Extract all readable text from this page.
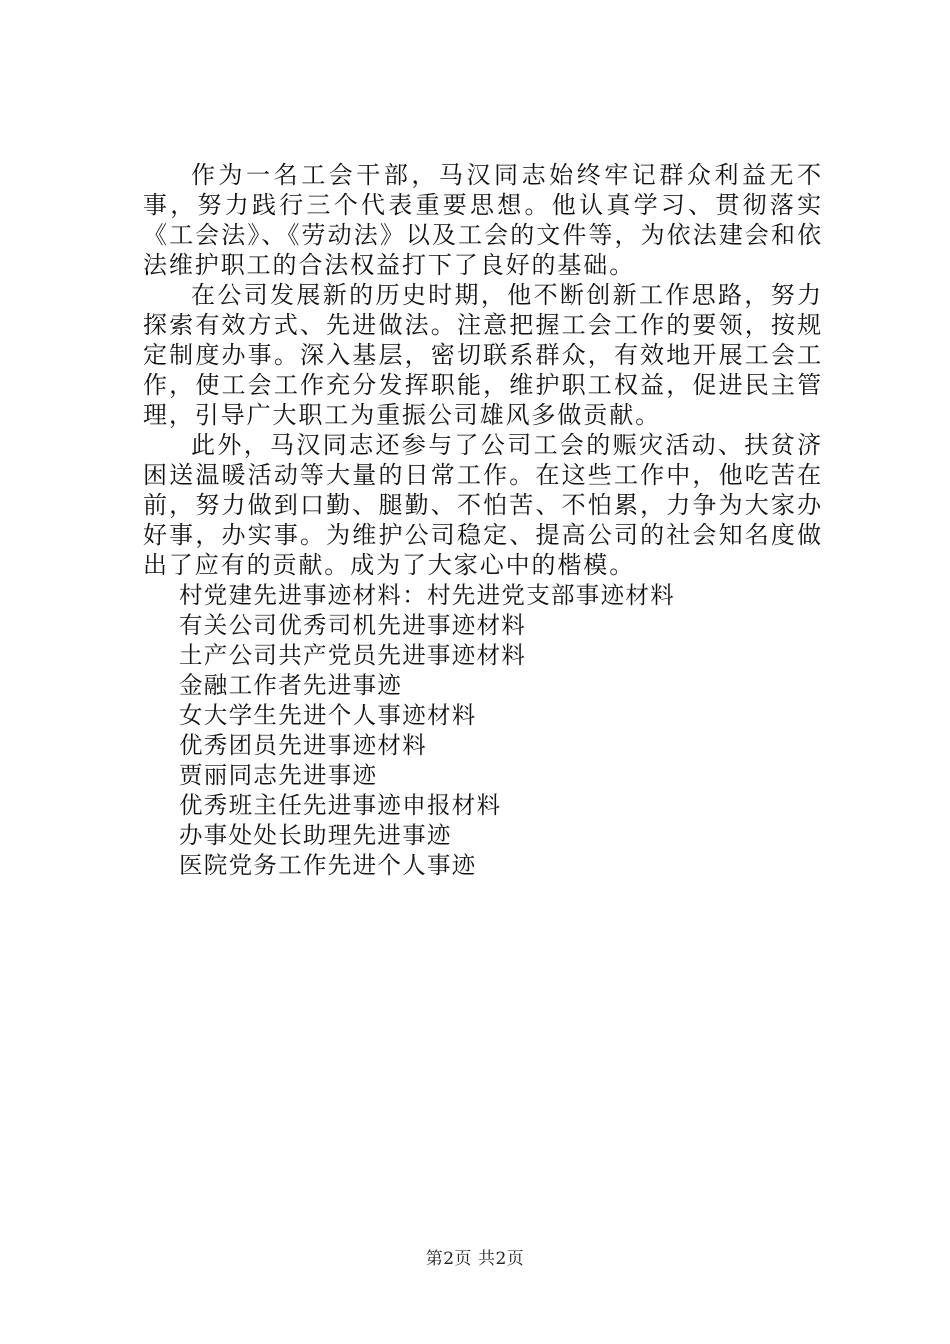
作为一名工会干部，马汉同志始终牢记群众利益无不事，努力践行三个代表重要思想。他认真学习、贯彻落实《工会法》、《劳动法》以及工会的文件等，为依法建会和依法维护职工的合法权益打下了良好的基础。

在公司发展新的历史时期，他不断创新工作思路，努力探索有效方式、先进做法。注意把握工会工作的要领，按规定制度办事。深入基层，密切联系群众，有效地开展工会工作，使工会工作充分发挥职能，维护职工权益，促进民主管理，引导广大职工为重振公司雄风多做贡献。

此外，马汉同志还参与了公司工会的赈灾活动、扶贫济困送温暖活动等大量的日常工作。在这些工作中，他吃苦在前，努力做到口勤、腿勤、不怕苦、不怕累，力争为大家办好事，办实事。为维护公司稳定、提高公司的社会知名度做出了应有的贡献。成为了大家心中的楷模。

村党建先进事迹材料：村先进党支部事迹材料
有关公司优秀司机先进事迹材料
土产公司共产党员先进事迹材料
金融工作者先进事迹
女大学生先进个人事迹材料
优秀团员先进事迹材料
贾丽同志先进事迹
优秀班主任先进事迹申报材料
办事处处长助理先进事迹
医院党务工作先进个人事迹
第2页 共2页
